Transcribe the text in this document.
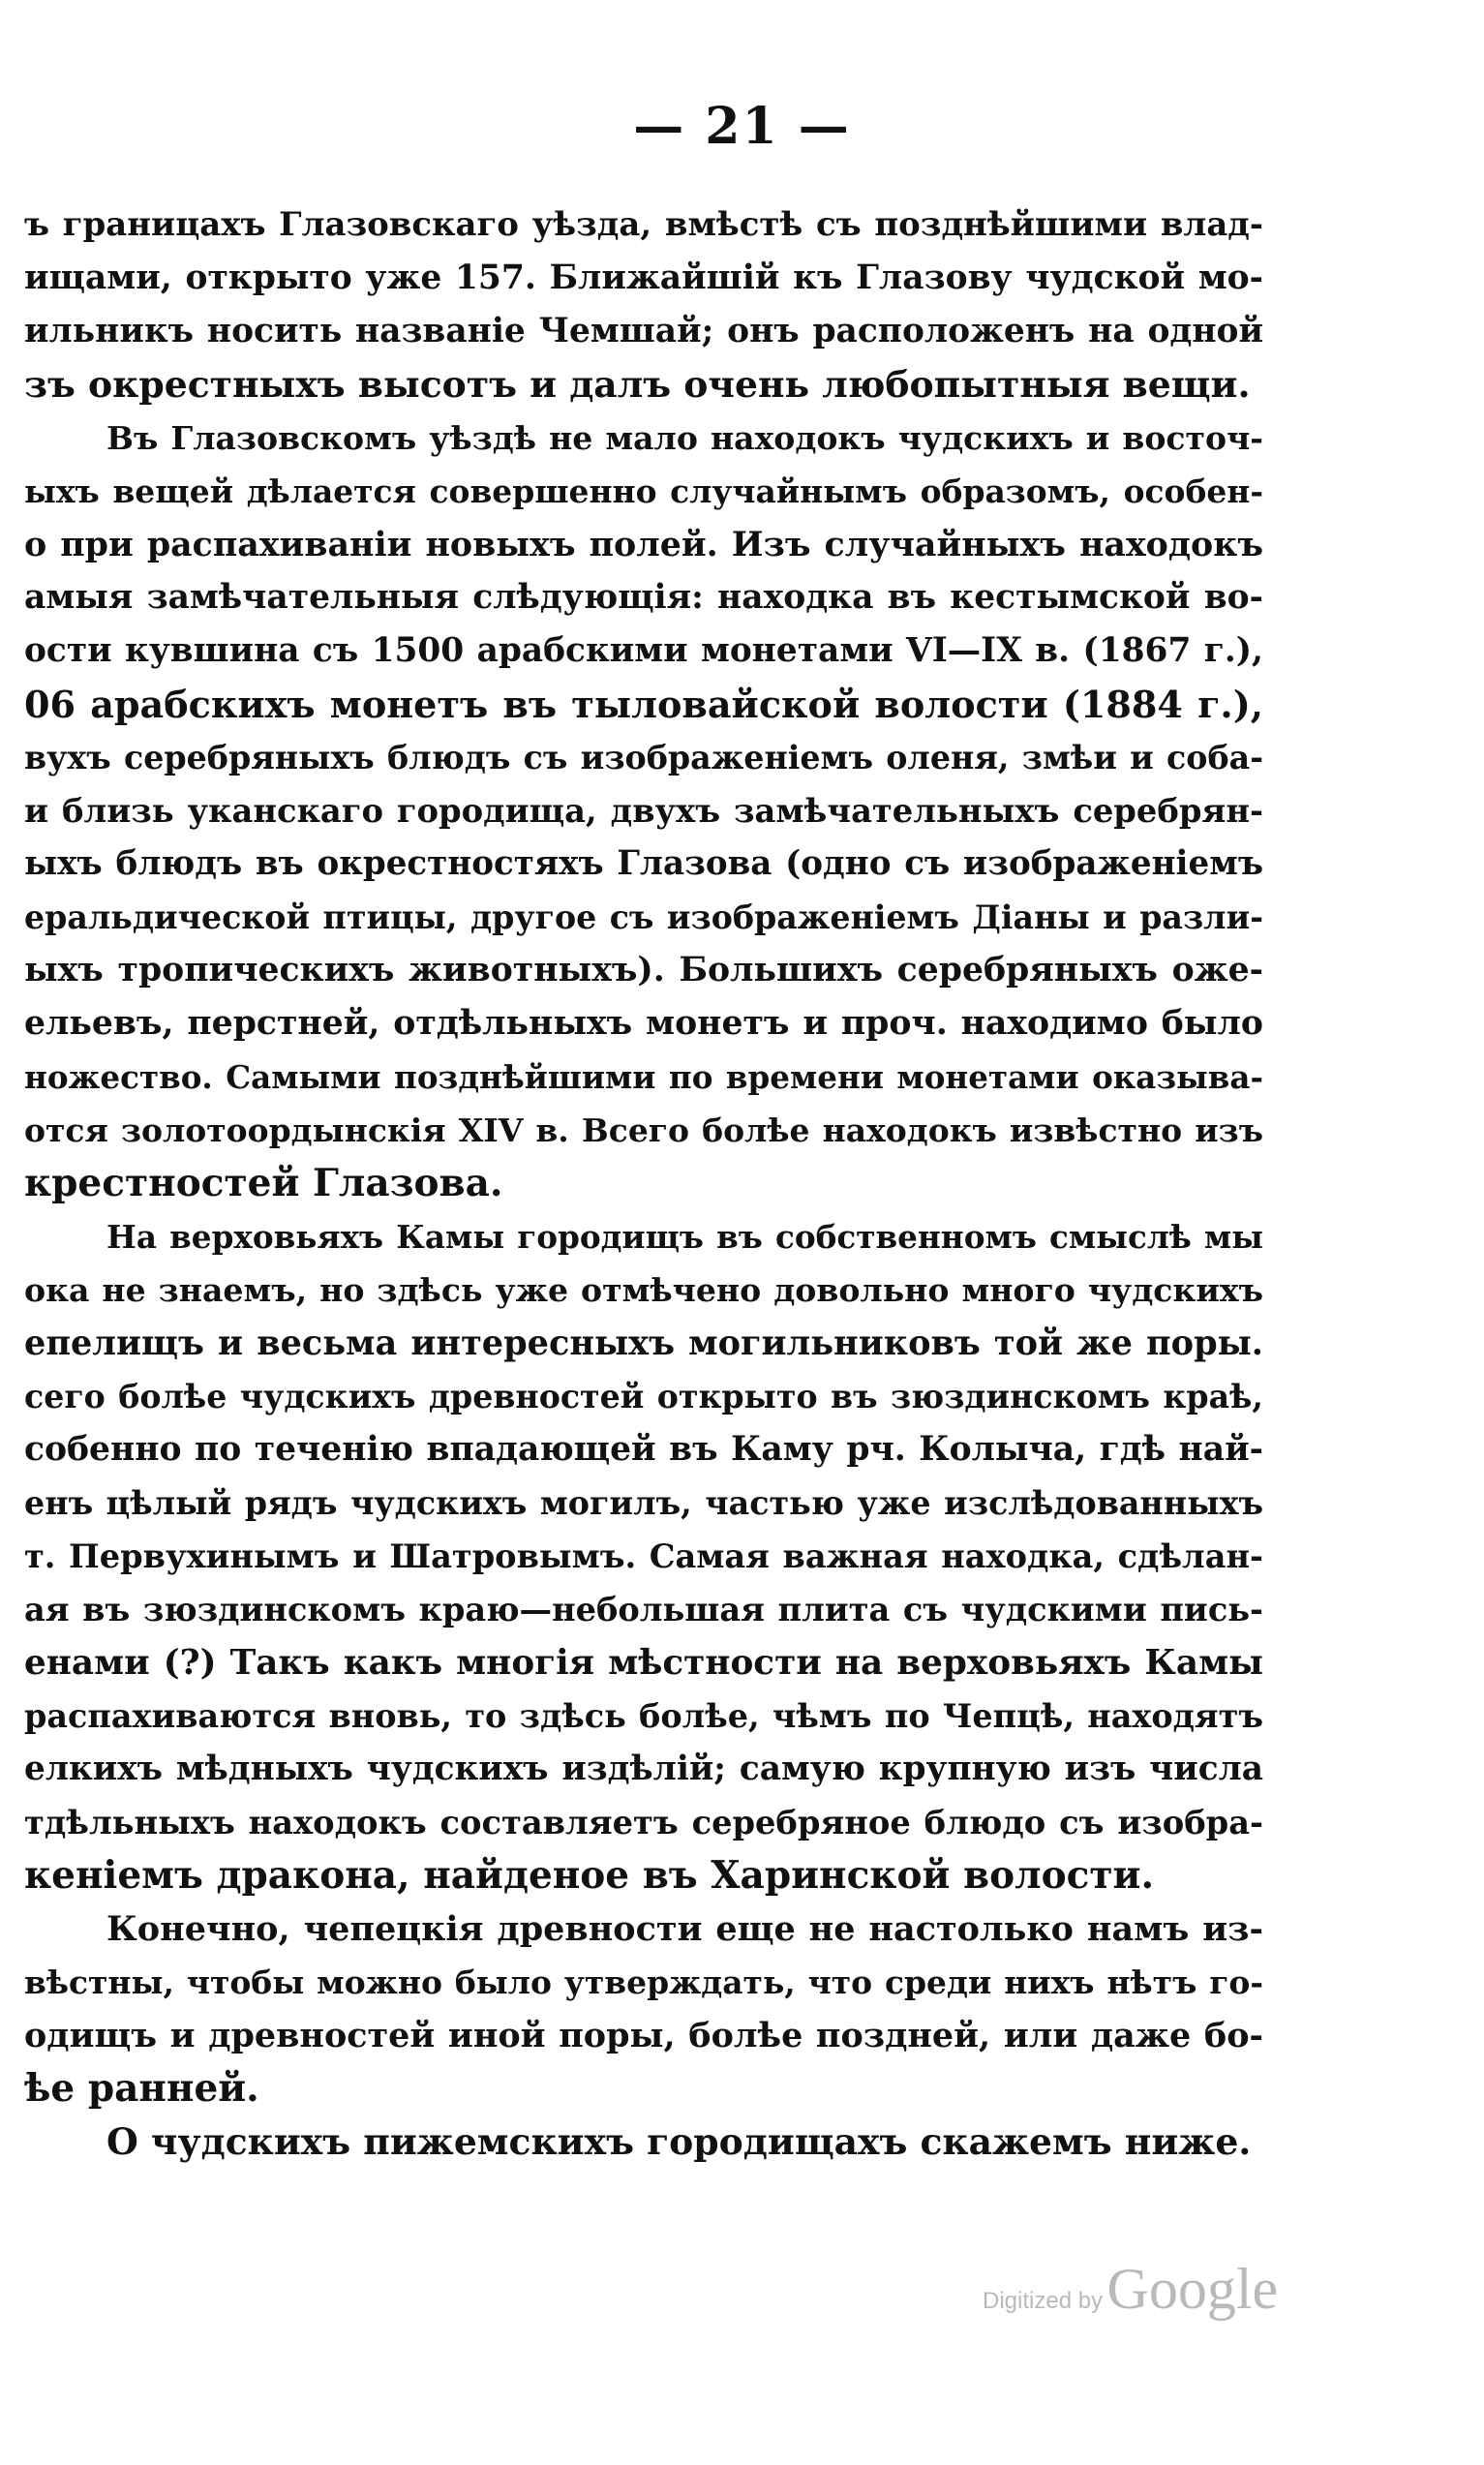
— 21 —
ъ границахъ Глазовскаго уѣзда, вмѣстѣ съ позднѣйшими влад-
ищами, открыто уже 157. Ближайшій къ Глазову чудской мо-
ильникъ носить названіе Чемшай; онъ расположенъ на одной
зъ окрестныхъ высотъ и далъ очень любопытныя вещи.
Въ Глазовскомъ уѣздѣ не мало находокъ чудскихъ и восточ-
ыхъ вещей дѣлается совершенно случайнымъ образомъ, особен-
о при распахиваніи новыхъ полей. Изъ случайныхъ находокъ
амыя замѣчательныя слѣдующія: находка въ кестымской во-
ости кувшина съ 1500 арабскими монетами VI—IX в. (1867 г.),
06 арабскихъ монетъ въ тыловайской волости (1884 г.),
вухъ серебряныхъ блюдъ съ изображеніемъ оленя, змѣи и соба-
и близь уканскаго городища, двухъ замѣчательныхъ серебрян-
ыхъ блюдъ въ окрестностяхъ Глазова (одно съ изображеніемъ
еральдической птицы, другое съ изображеніемъ Діаны и разли-
ыхъ тропическихъ животныхъ). Большихъ серебряныхъ оже-
ельевъ, перстней, отдѣльныхъ монетъ и проч. находимо было
ножество. Самыми позднѣйшими по времени монетами оказыва-
отся золотоордынскія XIV в. Всего болѣе находокъ извѣстно изъ
крестностей Глазова.
На верховьяхъ Камы городищъ въ собственномъ смыслѣ мы
ока не знаемъ, но здѣсь уже отмѣчено довольно много чудскихъ
епелищъ и весьма интересныхъ могильниковъ той же поры.
сего болѣе чудскихъ древностей открыто въ зюздинскомъ краѣ,
собенно по теченію впадающей въ Каму рч. Колыча, гдѣ най-
енъ цѣлый рядъ чудскихъ могилъ, частью уже изслѣдованныхъ
т. Первухинымъ и Шатровымъ. Самая важная находка, сдѣлан-
ая въ зюздинскомъ краю—небольшая плита съ чудскими пись-
енами (?) Такъ какъ многія мѣстности на верховьяхъ Камы
распахиваются вновь, то здѣсь болѣе, чѣмъ по Чепцѣ, находятъ
елкихъ мѣдныхъ чудскихъ издѣлій; самую крупную изъ числа
тдѣльныхъ находокъ составляетъ серебряное блюдо съ изобра-
кеніемъ дракона, найденое въ Харинской волости.
Конечно, чепецкія древности еще не настолько намъ из-
вѣстны, чтобы можно было утверждать, что среди нихъ нѣтъ го-
одищъ и древностей иной поры, болѣе поздней, или даже бо-
ѣе ранней.
О чудскихъ пижемскихъ городищахъ скажемъ ниже.
Digitized by Google
